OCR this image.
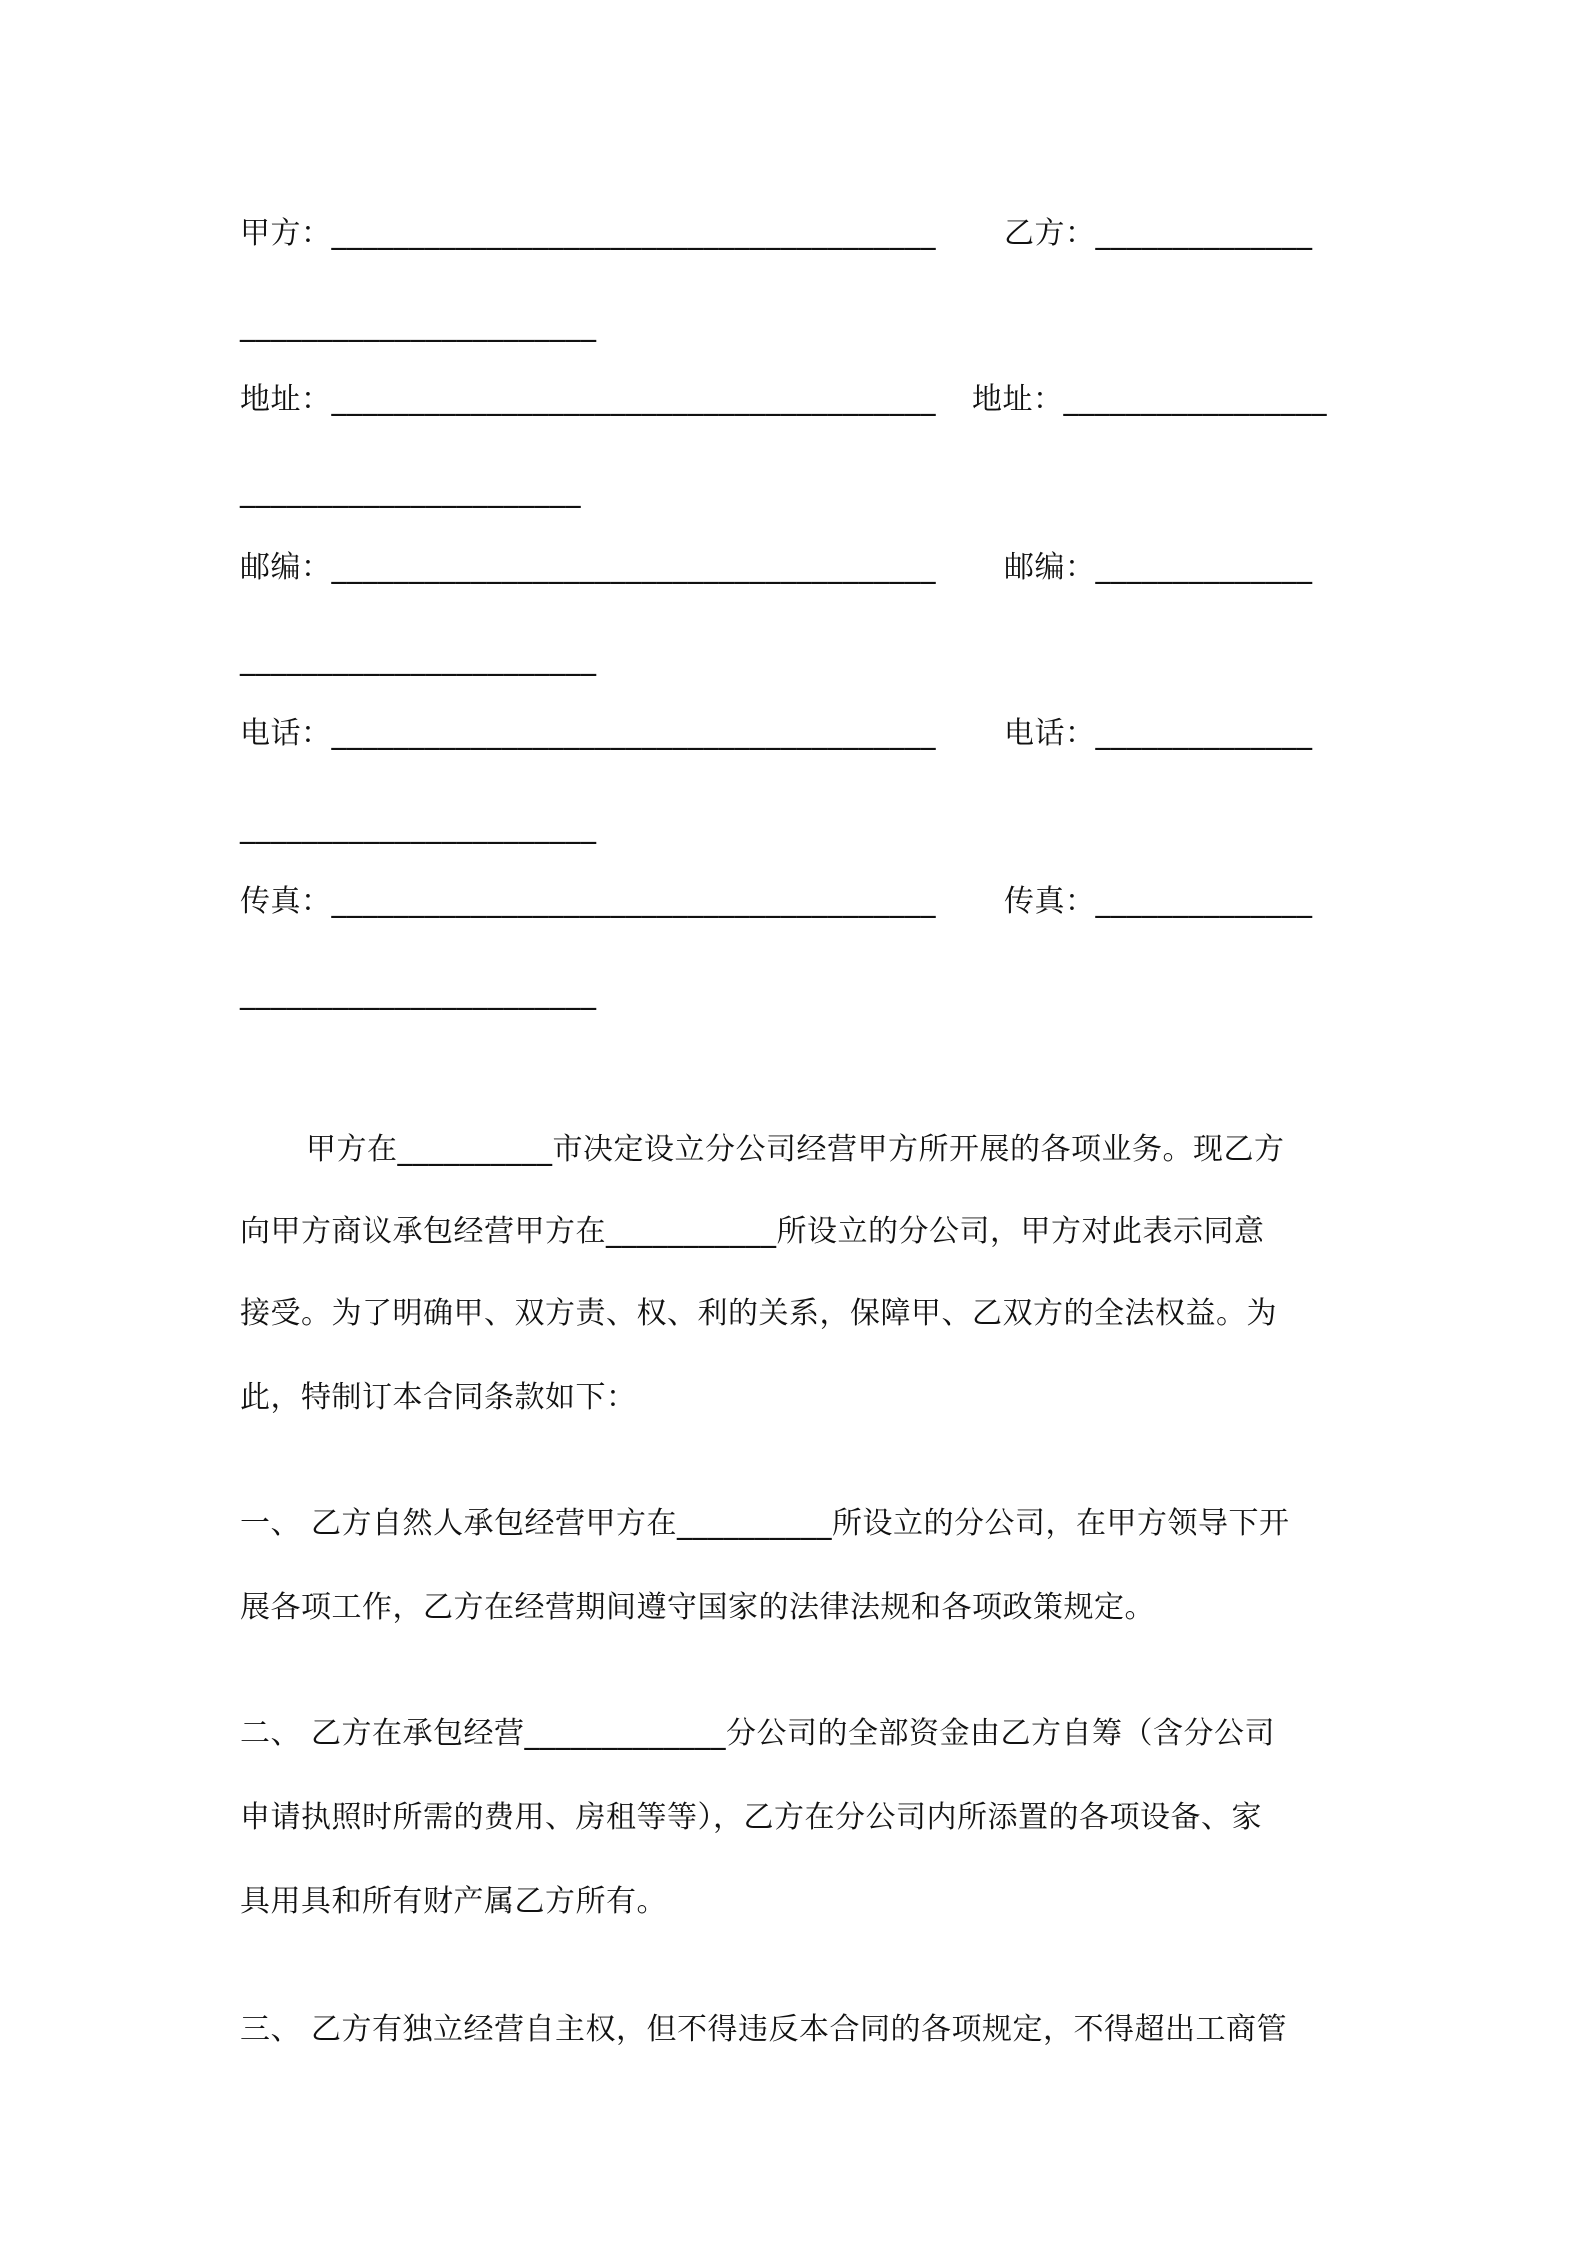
甲方：_______________________________________ 乙方：______________
_______________________
地址：_______________________________________ 地址：_________________
______________________
邮编：_______________________________________ 邮编：______________
_______________________
电话：_______________________________________ 电话：______________
_______________________
传真：_______________________________________ 传真：______________
_______________________
甲方在__________市决定设立分公司经营甲方所开展的各项业务。现乙方
向甲方商议承包经营甲方在___________所设立的分公司，甲方对此表示同意
接受。为了明确甲、双方责、权、利的关系，保障甲、乙双方的全法权益。为
此，特制订本合同条款如下：
一、 乙方自然人承包经营甲方在__________所设立的分公司，在甲方领导下开
展各项工作，乙方在经营期间遵守国家的法律法规和各项政策规定。
二、 乙方在承包经营_____________分公司的全部资金由乙方自筹（含分公司
申请执照时所需的费用、房租等等），乙方在分公司内所添置的各项设备、家
具用具和所有财产属乙方所有。
三、 乙方有独立经营自主权，但不得违反本合同的各项规定，不得超出工商管
